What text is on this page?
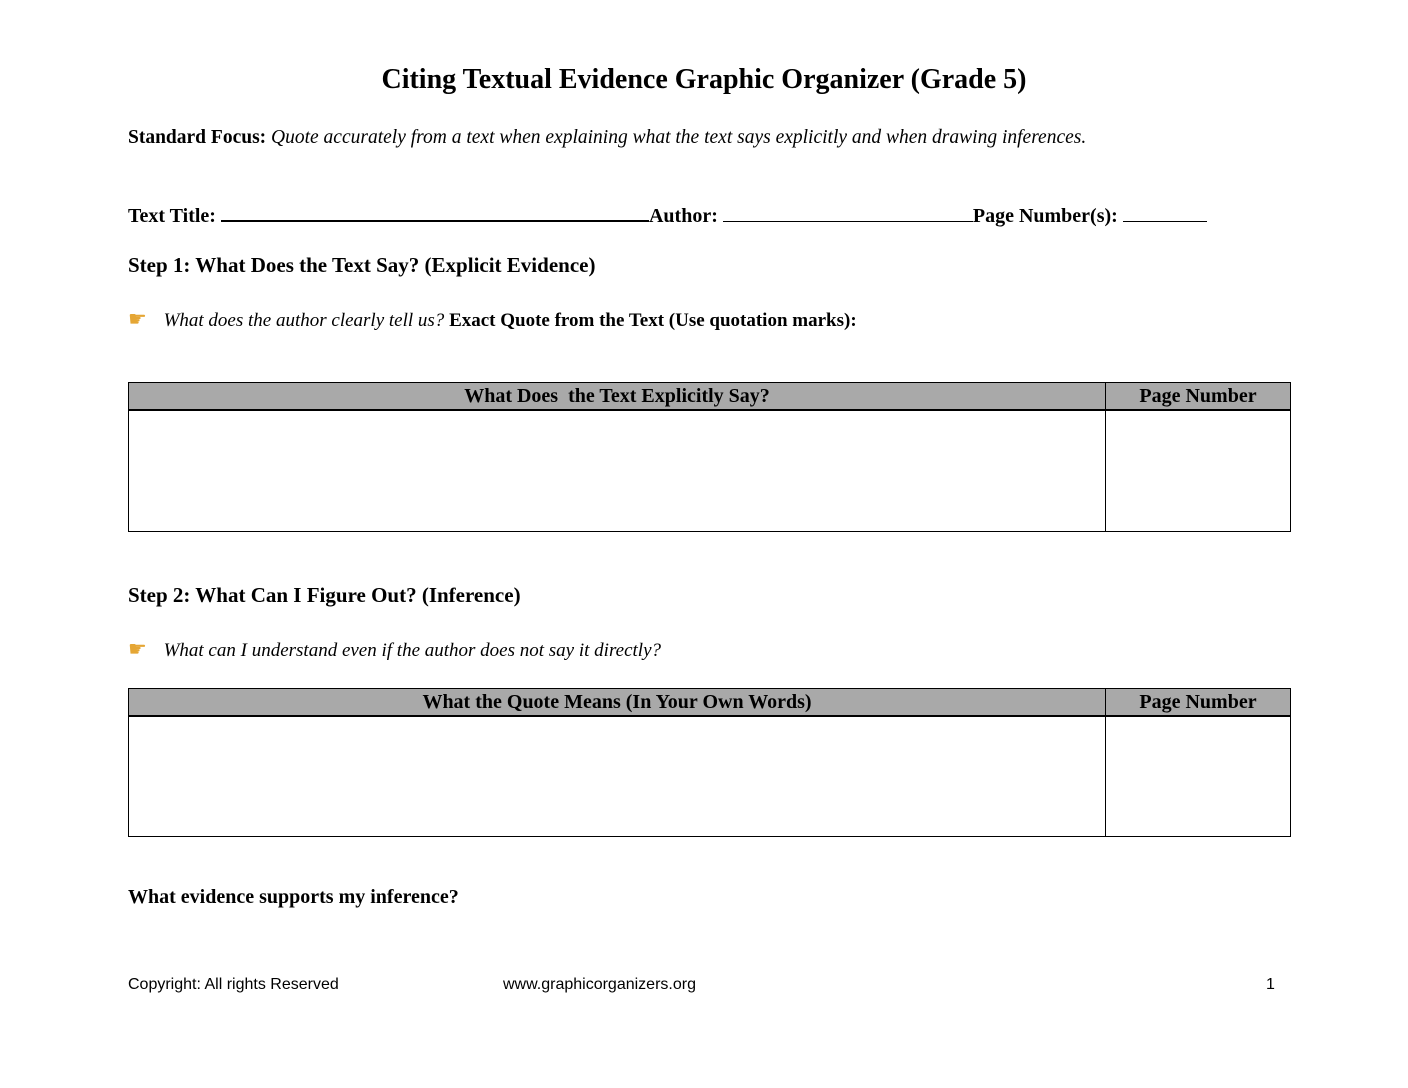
Citing Textual Evidence Graphic Organizer (Grade 5)
Standard Focus: Quote accurately from a text when explaining what the text says explicitly and when drawing inferences.
Text Title:	Author:	Page Number(s):
Step 1: What Does the Text Say? (Explicit Evidence)
☛ What does the author clearly tell us? Exact Quote from the Text (Use quotation marks):
What Does  the Text Explicitly Say?	Page Number

Step 2: What Can I Figure Out? (Inference)
☛ What can I understand even if the author does not say it directly?
What the Quote Means (In Your Own Words)	Page Number

What evidence supports my inference?
Copyright: All rights Reserved	www.graphicorganizers.org	1
